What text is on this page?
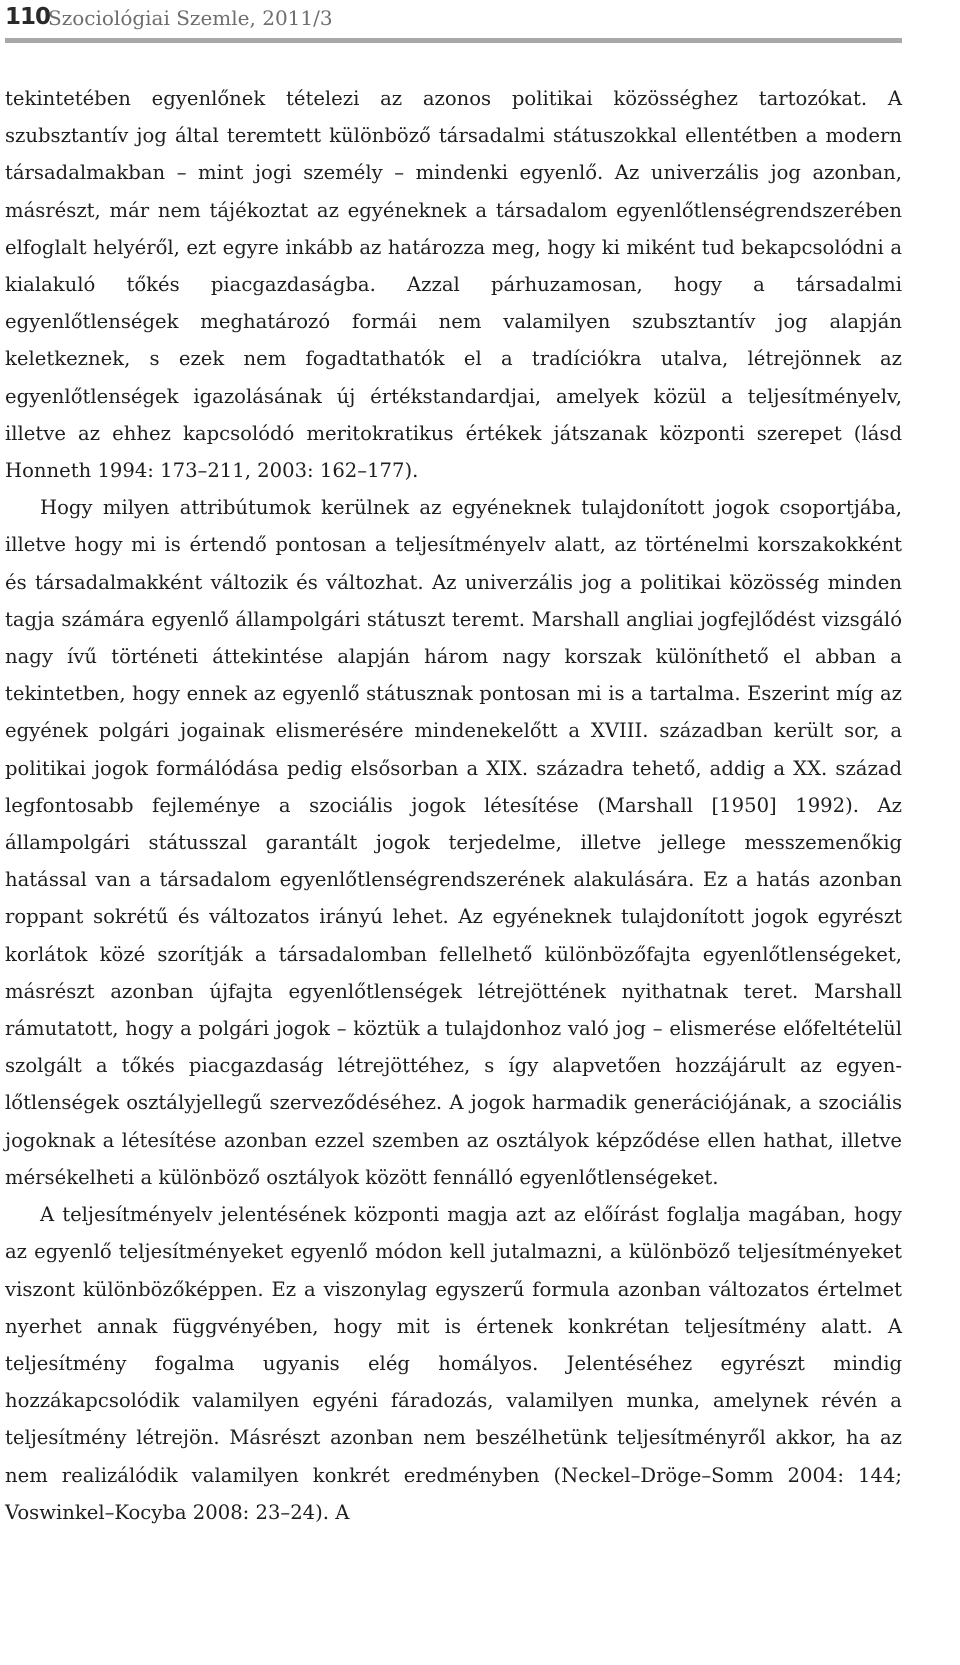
110
Szociológiai Szemle, 2011/3

tekintetében egyenlőnek tételezi az azonos politikai közösséghez tartozókat. A szubsztantív jog által teremtett különböző társadalmi státuszokkal ellentétben a modern társadalmakban – mint jogi személy – mindenki egyenlő. Az univerzális jog azonban, másrészt, már nem tájékoztat az egyéneknek a társadalom egyenlőtlenségrendszerében elfoglalt helyéről, ezt egyre inkább az határozza meg, hogy ki miként tud bekapcsolódni a kialakuló tőkés piacgazdaságba. Azzal párhuzamosan, hogy a társadalmi egyenlőtlenségek meghatározó formái nem valamilyen szubsztantív jog alapján keletkeznek, s ezek nem fogadtathatók el a tradíciókra utalva, létrejönnek az egyenlőtlenségek igazolásának új értékstandardjai, amelyek közül a teljesítményelv, illetve az ehhez kapcsolódó meritokratikus értékek játszanak központi szerepet (lásd Honneth 1994: 173–211, 2003: 162–177).

Hogy milyen attribútumok kerülnek az egyéneknek tulajdonított jogok csoportjába, illetve hogy mi is értendő pontosan a teljesítményelv alatt, az történelmi korszakokként és társadalmakként változik és változhat. Az univerzális jog a politikai közösség minden tagja számára egyenlő állampolgári státuszt teremt. Marshall angliai jogfejlődést vizsgáló nagy ívű történeti áttekintése alapján három nagy korszak különíthető el abban a tekintetben, hogy ennek az egyenlő státusznak pontosan mi is a tartalma. Eszerint míg az egyének polgári jogainak elismerésére mindenekelőtt a XVIII. században került sor, a politikai jogok formálódása pedig elsősorban a XIX. századra tehető, addig a XX. század legfontosabb fejleménye a szociális jogok létesítése (Marshall [1950] 1992). Az állampolgári státusszal garantált jogok terjedelme, illetve jellege messzemenőkig hatással van a társadalom egyenlőtlenségrendszerének alakulására. Ez a hatás azonban roppant sokrétű és változatos irányú lehet. Az egyéneknek tulajdonított jogok egyrészt korlátok közé szorítják a társadalomban fellelhető különbözőfajta egyenlőtlenségeket, másrészt azonban újfajta egyenlőtlenségek létrejöttének nyithatnak teret. Marshall rámutatott, hogy a polgári jogok – köztük a tulajdonhoz való jog – elismerése előfeltételül szolgált a tőkés piacgazdaság létrejöttéhez, s így alapvetően hozzájárult az egyenlőtlenségek osztályjellegű szerveződéséhez. A jogok harmadik generációjának, a szociális jogoknak a létesítése azonban ezzel szemben az osztályok képződése ellen hathat, illetve mérsékelheti a különböző osztályok között fennálló egyenlőtlenségeket.

A teljesítményelv jelentésének központi magja azt az előírást foglalja magában, hogy az egyenlő teljesítményeket egyenlő módon kell jutalmazni, a különböző teljesítményeket viszont különbözőképpen. Ez a viszonylag egyszerű formula azonban változatos értelmet nyerhet annak függvényében, hogy mit is értenek konkrétan teljesítmény alatt. A teljesítmény fogalma ugyanis elég homályos. Jelentéséhez egyrészt mindig hozzákapcsolódik valamilyen egyéni fáradozás, valamilyen munka, amelynek révén a teljesítmény létrejön. Másrészt azonban nem beszélhetünk teljesítményről akkor, ha az nem realizálódik valamilyen konkrét eredményben (Neckel–Dröge–Somm 2004: 144; Voswinkel–Kocyba 2008: 23–24). A
